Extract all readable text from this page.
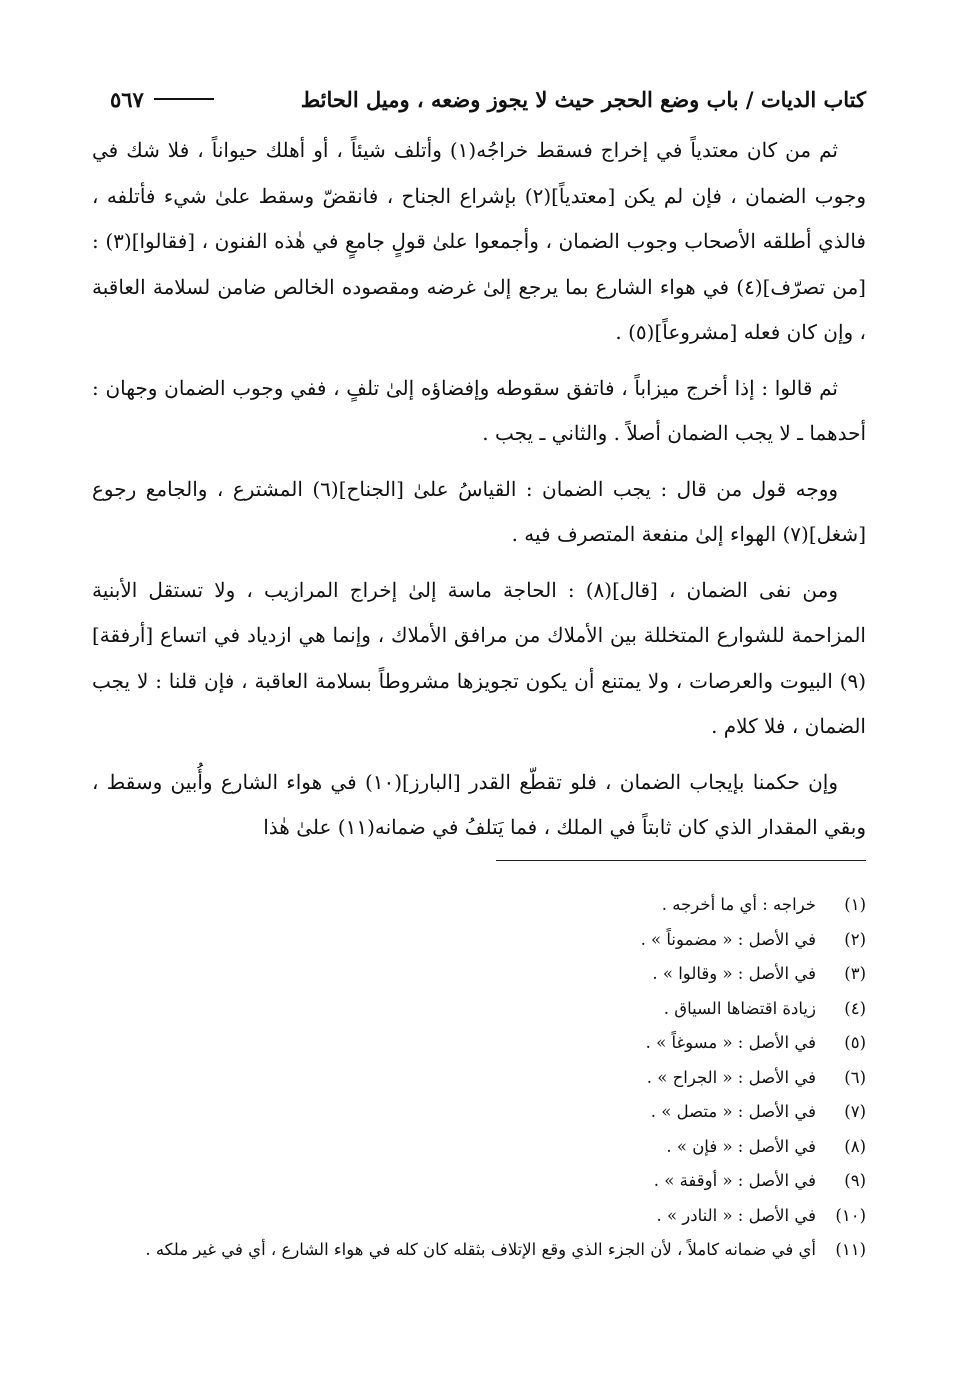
كتاب الديات / باب وضع الحجر حيث لا يجوز وضعه ، وميل الحائط
٥٦٧

ثم من كان معتدياً في إخراج فسقط خراجُه(١) وأتلف شيئاً ، أو أهلك حيواناً ، فلا شك في وجوب الضمان ، فإن لم يكن [معتدياً](٢) بإشراع الجناح ، فانقضّ وسقط علىٰ شيء فأتلفه ، فالذي أطلقه الأصحاب وجوب الضمان ، وأجمعوا علىٰ قولٍ جامعٍ في هٰذه الفنون ، [فقالوا](٣) : [من تصرّف](٤) في هواء الشارع بما يرجع إلىٰ غرضه ومقصوده الخالص ضامن لسلامة العاقبة ، وإن كان فعله [مشروعاً](٥) .

ثم قالوا : إذا أخرج ميزاباً ، فاتفق سقوطه وإفضاؤه إلىٰ تلفٍ ، ففي وجوب الضمان وجهان : أحدهما ـ لا يجب الضمان أصلاً . والثاني ـ يجب .

ووجه قول من قال : يجب الضمان : القياسُ علىٰ [الجناح](٦) المشترع ، والجامع رجوع [شغل](٧) الهواء إلىٰ منفعة المتصرف فيه .

ومن نفى الضمان ، [قال](٨) : الحاجة ماسة إلىٰ إخراج المرازيب ، ولا تستقل الأبنية المزاحمة للشوارع المتخللة بين الأملاك من مرافق الأملاك ، وإنما هي ازدياد في اتساع [أرفقة](٩) البيوت والعرصات ، ولا يمتنع أن يكون تجويزها مشروطاً بسلامة العاقبة ، فإن قلنا : لا يجب الضمان ، فلا كلام .

وإن حكمنا بإيجاب الضمان ، فلو تقطّع القدر [البارز](١٠) في هواء الشارع وأُبين وسقط ، وبقي المقدار الذي كان ثابتاً في الملك ، فما يَتلفُ في ضمانه(١١) علىٰ هٰذا

(١)
خراجه : أي ما أخرجه .
(٢)
في الأصل : « مضموناً » .
(٣)
في الأصل : « وقالوا » .
(٤)
زيادة اقتضاها السياق .
(٥)
في الأصل : « مسوغاً » .
(٦)
في الأصل : « الجراح » .
(٧)
في الأصل : « متصل » .
(٨)
في الأصل : « فإن » .
(٩)
في الأصل : « أوقفة » .
(١٠)
في الأصل : « النادر » .
(١١)
أي في ضمانه كاملاً ، لأن الجزء الذي وقع الإتلاف بثقله كان كله في هواء الشارع ، أي في غير ملكه .
